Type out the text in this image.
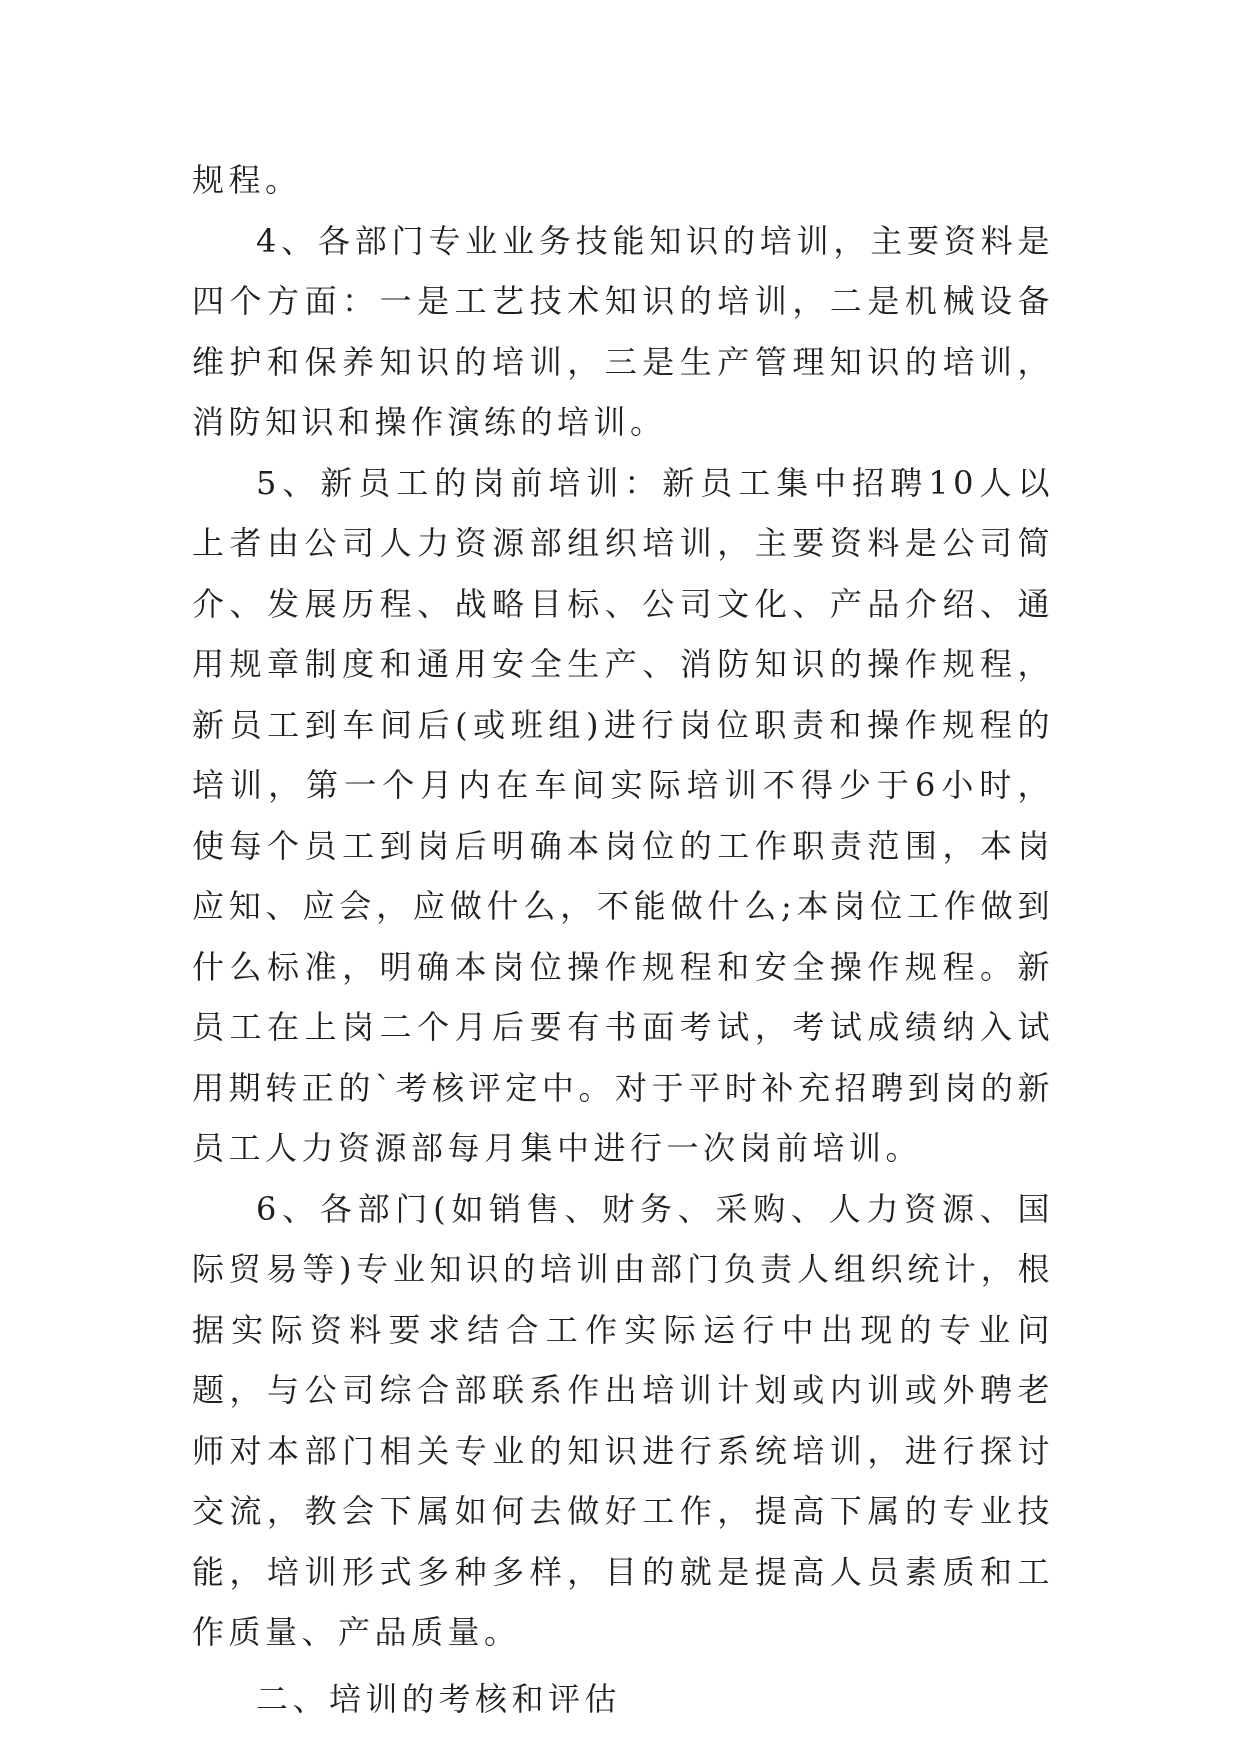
规程。

4、各部门专业业务技能知识的培训，主要资料是四个方面：一是工艺技术知识的培训，二是机械设备维护和保养知识的培训，三是生产管理知识的培训，消防知识和操作演练的培训。

5、新员工的岗前培训：新员工集中招聘10人以上者由公司人力资源部组织培训，主要资料是公司简介、发展历程、战略目标、公司文化、产品介绍、通用规章制度和通用安全生产、消防知识的操作规程，新员工到车间后(或班组)进行岗位职责和操作规程的培训，第一个月内在车间实际培训不得少于6小时，使每个员工到岗后明确本岗位的工作职责范围，本岗应知、应会，应做什么，不能做什么;本岗位工作做到什么标准，明确本岗位操作规程和安全操作规程。新员工在上岗二个月后要有书面考试，考试成绩纳入试用期转正的`考核评定中。对于平时补充招聘到岗的新员工人力资源部每月集中进行一次岗前培训。

6、各部门(如销售、财务、采购、人力资源、国际贸易等)专业知识的培训由部门负责人组织统计，根据实际资料要求结合工作实际运行中出现的专业问题，与公司综合部联系作出培训计划或内训或外聘老师对本部门相关专业的知识进行系统培训，进行探讨交流，教会下属如何去做好工作，提高下属的专业技能，培训形式多种多样，目的就是提高人员素质和工作质量、产品质量。

二、培训的考核和评估
